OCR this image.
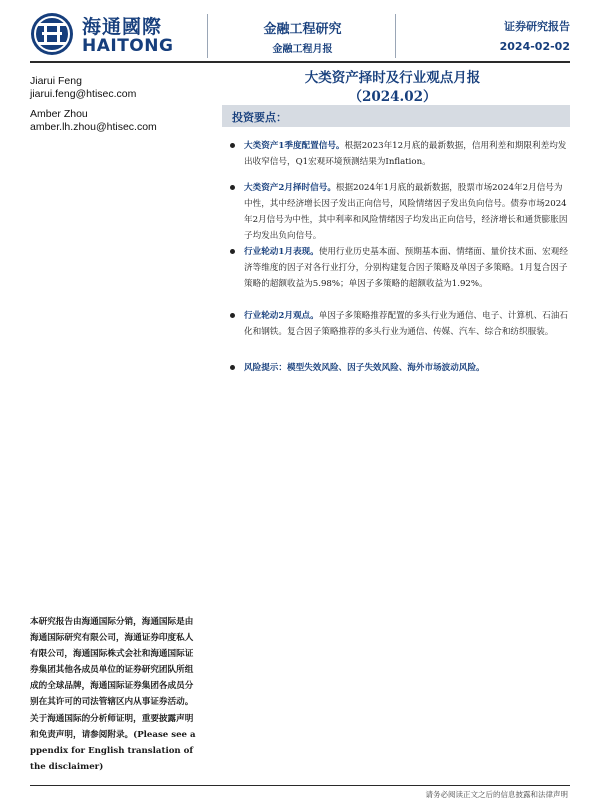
海通國際
HAITONG
金融工程研究
金融工程月报
证券研究报告
2024-02-02
Jiarui Feng
jiarui.feng@htisec.com
Amber Zhou
amber.lh.zhou@htisec.com
大类资产择时及行业观点月报
（2024.02）
投资要点：
大类资产1季度配置信号。根据2023年12月底的最新数据，信用利差和期限利差均发出收窄信号，Q1宏观环境预测结果为Inflation。
大类资产2月择时信号。根据2024年1月底的最新数据，股票市场2024年2月信号为中性，其中经济增长因子发出正向信号，风险情绪因子发出负向信号。债券市场2024年2月信号为中性，其中利率和风险情绪因子均发出正向信号，经济增长和通货膨胀因子均发出负向信号。
行业轮动1月表现。使用行业历史基本面、预期基本面、情绪面、量价技术面、宏观经济等维度的因子对各行业打分，分别构建复合因子策略及单因子多策略。1月复合因子策略的超额收益为5.98%；单因子多策略的超额收益为1.92%。
行业轮动2月观点。单因子多策略推荐配置的多头行业为通信、电子、计算机、石油石化和钢铁。复合因子策略推荐的多头行业为通信、传媒、汽车、综合和纺织服装。
风险提示：模型失效风险、因子失效风险、海外市场波动风险。
本研究报告由海通国际分销，海通国际是由海通国际研究有限公司，海通证券印度私人有限公司，海通国际株式会社和海通国际证券集团其他各成员单位的证券研究团队所组成的全球品牌，海通国际证券集团各成员分别在其许可的司法管辖区内从事证券活动。关于海通国际的分析师证明，重要披露声明和免责声明，请参阅附录。(Please see appendix for English translation of the disclaimer)
请务必阅读正文之后的信息披露和法律声明
